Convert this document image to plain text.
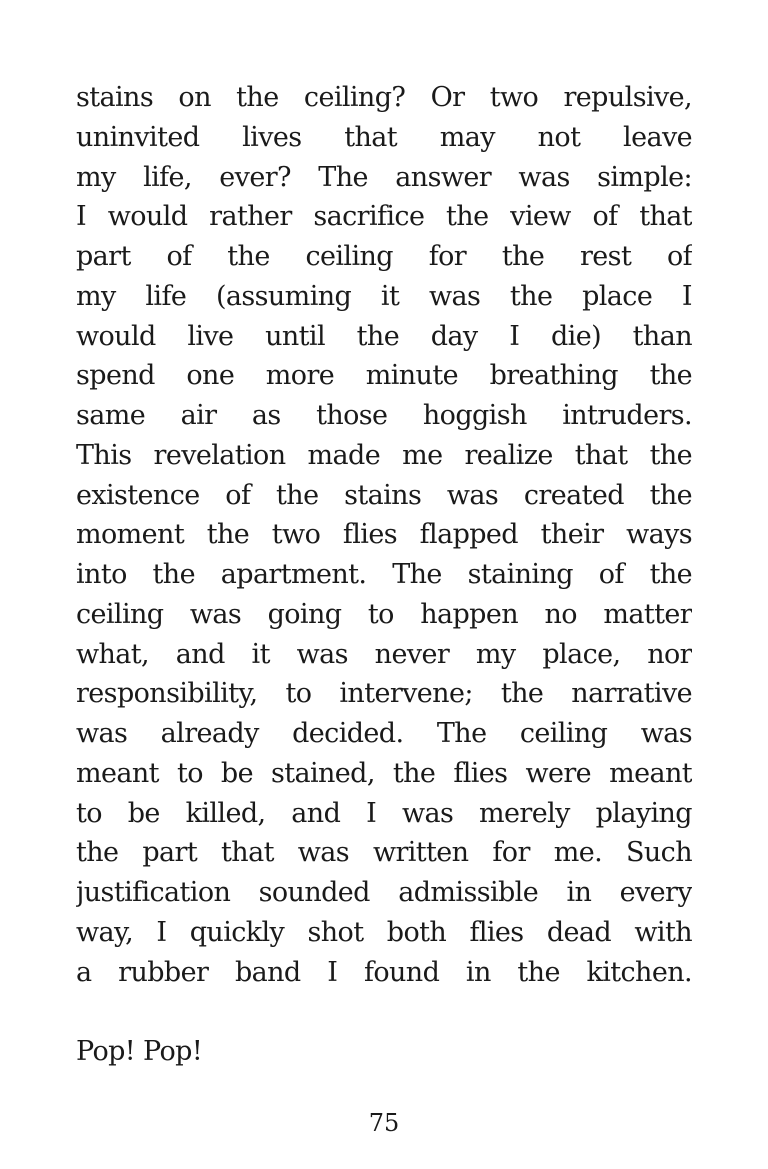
stains on the ceiling? Or two repulsive,
uninvited lives that may not leave
my life, ever? The answer was simple:
I would rather sacrifice the view of that
part of the ceiling for the rest of
my life (assuming it was the place I
would live until the day I die) than
spend one more minute breathing the
same air as those hoggish intruders.
This revelation made me realize that the
existence of the stains was created the
moment the two flies flapped their ways
into the apartment. The staining of the
ceiling was going to happen no matter
what, and it was never my place, nor
responsibility, to intervene; the narrative
was already decided. The ceiling was
meant to be stained, the flies were meant
to be killed, and I was merely playing
the part that was written for me. Such
justification sounded admissible in every
way, I quickly shot both flies dead with
a rubber band I found in the kitchen.

Pop! Pop!

75
